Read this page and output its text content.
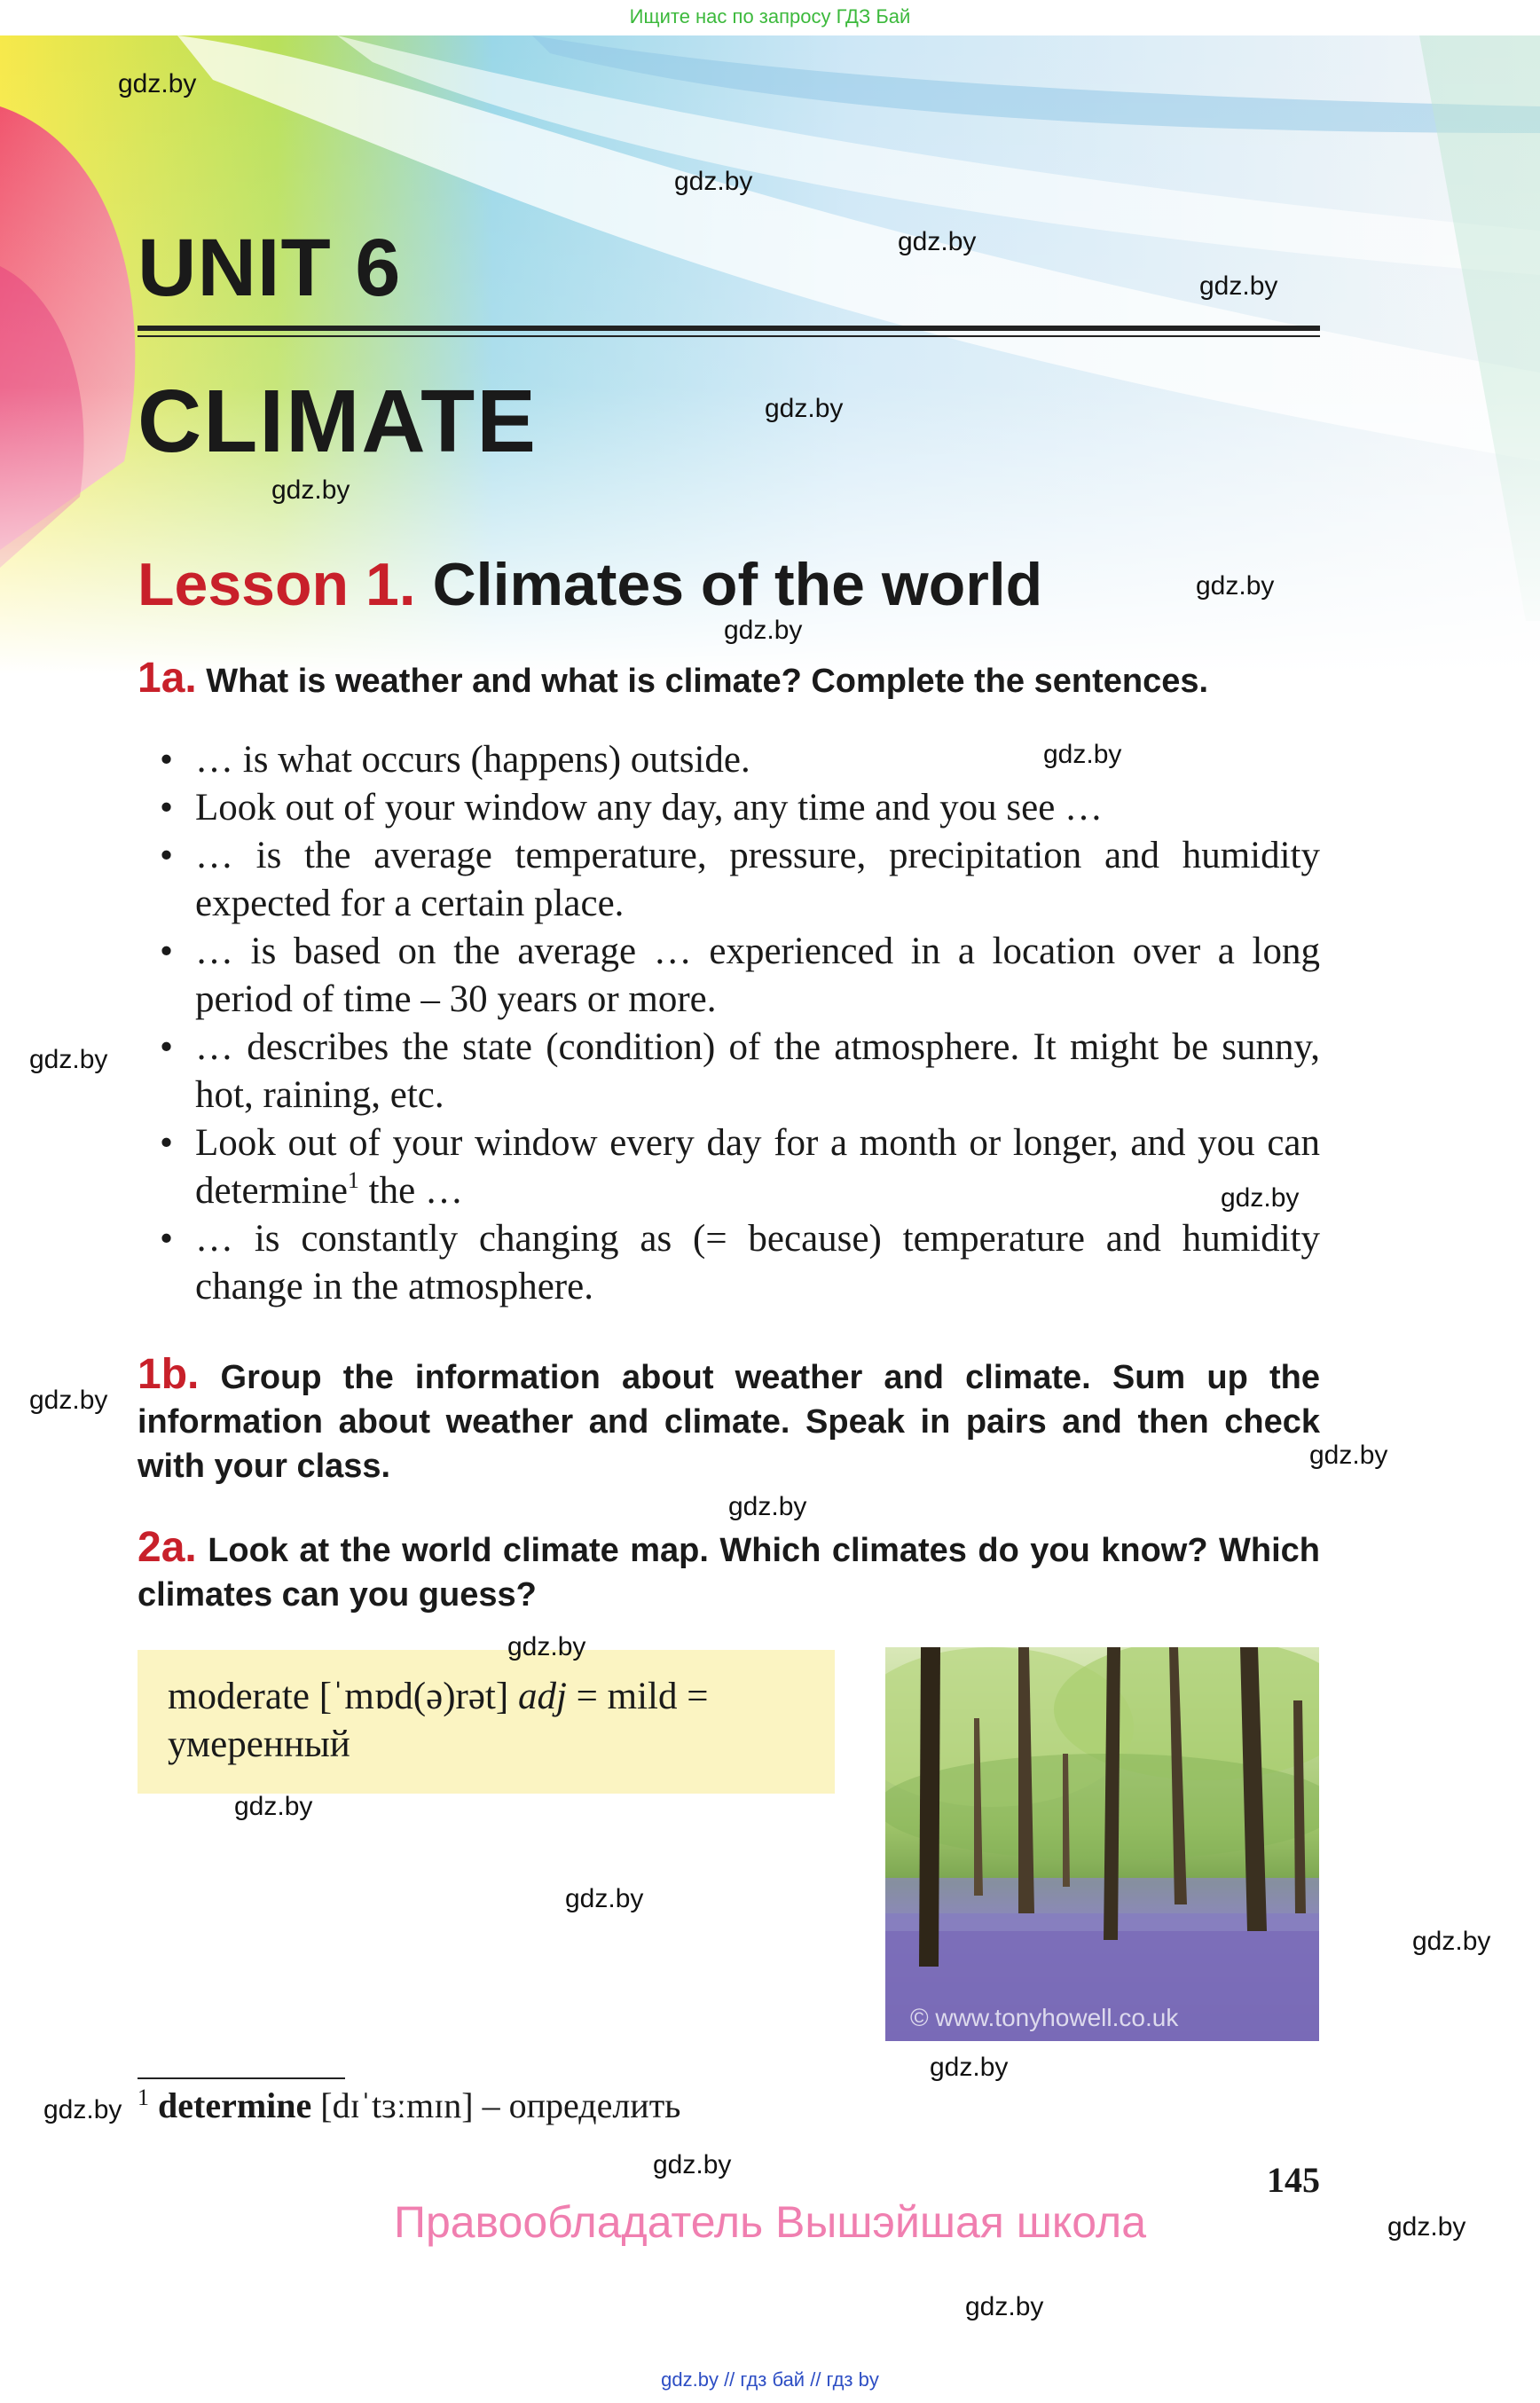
Ищите нас по запросу ГДЗ Бай
UNIT 6
CLIMATE
Lesson 1. Climates of the world
1a. What is weather and what is climate? Complete the sentences.
• … is what occurs (happens) outside.
• Look out of your window any day, any time and you see …
• … is the average temperature, pressure, precipitation and humidity expected for a certain place.
• … is based on the average … experienced in a location over a long period of time – 30 years or more.
• … describes the state (condition) of the atmosphere. It might be sunny, hot, raining, etc.
• Look out of your window every day for a month or longer, and you can determine$^1$ the …
• … is constantly changing as (= because) temperature and humidity change in the atmosphere.
1b. Group the information about weather and climate. Sum up the information about weather and climate. Speak in pairs and then check with your class.
2a. Look at the world climate map. Which climates do you know? Which climates can you guess?
moderate [ˈmɒd(ə)rət] adj = mild = умеренный
© www.tonyhowell.co.uk
$^1$ determine [dɪˈtɜːmɪn] – определить
145
Правообладатель Вышэйшая школа
gdz.by // гдз бай // гдз by
gdz.by
gdz.by
gdz.by
gdz.by
gdz.by
gdz.by
gdz.by
gdz.by
gdz.by
gdz.by
gdz.by
gdz.by
gdz.by
gdz.by
gdz.by
gdz.by
gdz.by
gdz.by
gdz.by
gdz.by
gdz.by
gdz.by
gdz.by
